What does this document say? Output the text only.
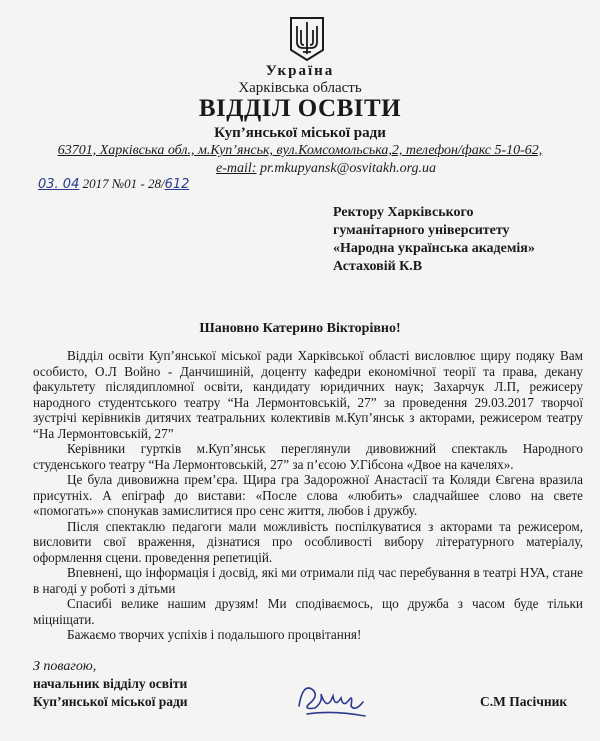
Україна
Харківська область
ВІДДІЛ ОСВІТИ
Куп’янської міської ради
63701, Харківська обл., м.Куп’янськ, вул.Комсомольська,2, телефон/факс 5-10-62,
e-mail: pr.mkupyansk@osvitakh.org.ua
03. 04 2017 №01 - 28/612
Ректору Харківського
гуманітарного університету
«Народна українська академія»
Астаховій К.В
Шановно Катерино Вікторівно!

Відділ освіти Куп’янської міської ради Харківської області висловлює щиру подяку Вам особисто, О.Л Войно - Данчишиній, доценту кафедри економічної теорії та права, декану факультету післядипломної освіти, кандидату юридичних наук; Захарчук Л.П, режисеру народного студентського театру “На Лермонтовській, 27” за проведення 29.03.2017 творчої зустрічі керівників дитячих театральних колективів м.Куп’янськ з акторами, режисером театру “На Лермонтовській, 27”

Керівники гуртків м.Куп’янськ переглянули дивовижний спектакль Народного студенського театру “На Лермонтовській, 27” за п’єсою У.Гібсона «Двое на качелях».

Це була дивовижна прем’єра. Щира гра Задорожної Анастасії та Коляди Євгена вразила присутніх. А епіграф до вистави: «После слова «любить» сладчайшее слово на свете «помогать»» спонукав замислитися про сенс життя, любов і дружбу.

Після спектаклю педагоги мали можливість поспілкуватися з акторами та режисером, висловити свої враження, дізнатися про особливості вибору літературного матеріалу, оформлення сцени. проведення репетицій.

Впевнені, що інформація і досвід, які ми отримали під час перебування в театрі НУА, стане в нагоді у роботі з дітьми

Спасибі велике нашим друзям! Ми сподіваємось, що дружба з часом буде тільки міцніщати.

Бажаємо творчих успіхів і подальшого процвітання!

З повагою,
начальник відділу освіти
Куп’янської міської ради	С.М Пасічник
